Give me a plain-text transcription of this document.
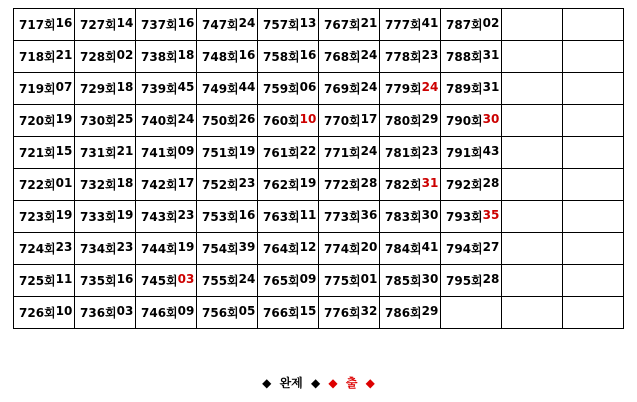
717회 16	727회 14	737회 16	747회 24	757회 13	767회 21	777회 41	787회 02		

718회 21	728회 02	738회 18	748회 16	758회 16	768회 24	778회 23	788회 31		

719회 07	729회 18	739회 45	749회 44	759회 06	769회 24	779회 24	789회 31		

720회 19	730회 25	740회 24	750회 26	760회 10	770회 17	780회 29	790회 30		

721회 15	731회 21	741회 09	751회 19	761회 22	771회 24	781회 23	791회 43		

722회 01	732회 18	742회 17	752회 23	762회 19	772회 28	782회 31	792회 28		

723회 19	733회 19	743회 23	753회 16	763회 11	773회 36	783회 30	793회 35		

724회 23	734회 23	744회 19	754회 39	764회 12	774회 20	784회 41	794회 27		

725회 11	735회 16	745회 03	755회 24	765회 09	775회 01	785회 30	795회 28		

726회 10	736회 03	746회 09	756회 05	766회 15	776회 32	786회 29			

◆ 완제 ◆ ◆ 출 ◆
